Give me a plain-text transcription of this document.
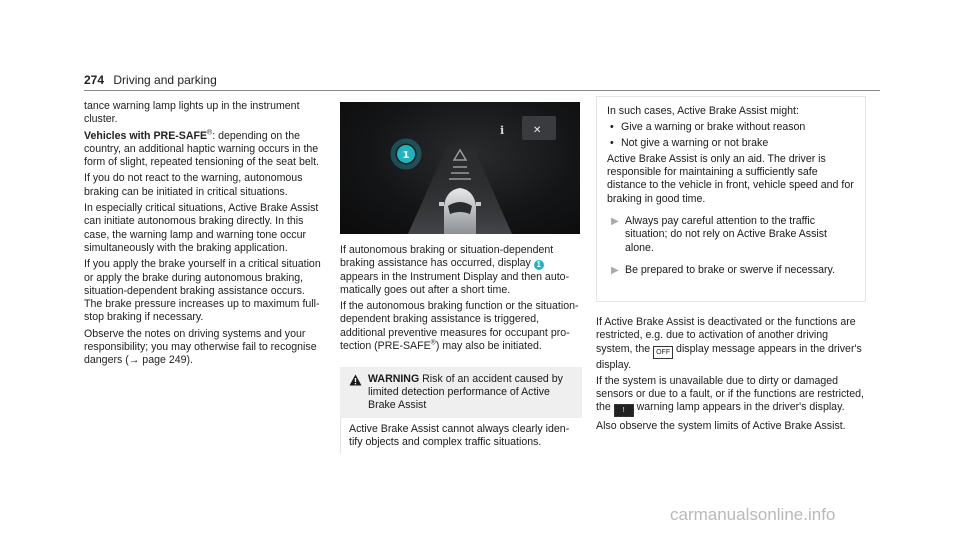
274 Driving and parking

tance warning lamp lights up in the instrument cluster.

Vehicles with PRE-SAFE®: depending on the country, an additional haptic warning occurs in the form of slight, repeated tensioning of the seat belt.

If you do not react to the warning, autonomous braking can be initiated in critical situations.

In especially critical situations, Active Brake Assist can initiate autonomous braking directly. In this case, the warning lamp and warning tone occur simultaneously with the braking application.

If you apply the brake yourself in a critical situation or apply the brake during autonomous braking, situation-dependent braking assistance occurs. The brake pressure increases up to maximum full-stop braking if necessary.

Observe the notes on driving systems and your responsibility; you may otherwise fail to recognise dangers (→ page 249).

i	✕
1

If autonomous braking or situation-dependent braking assistance has occurred, display 1 appears in the Instrument Display and then automatically goes out after a short time.

If the autonomous braking function or the situation-dependent braking assistance is triggered, additional preventive measures for occupant protection (PRE-SAFE®) may also be initiated.

WARNING Risk of an accident caused by limited detection performance of Active Brake Assist
Active Brake Assist cannot always clearly identify objects and complex traffic situations.

In such cases, Active Brake Assist might:

• Give a warning or brake without reason
• Not give a warning or not brake

Active Brake Assist is only an aid. The driver is responsible for maintaining a sufficiently safe distance to the vehicle in front, vehicle speed and for braking in good time.

▶ Always pay careful attention to the traffic situation; do not rely on Active Brake Assist alone.
▶ Be prepared to brake or swerve if necessary.

If Active Brake Assist is deactivated or the functions are restricted, e.g. due to activation of another driving system, the OFF display message appears in the driver's display.

If the system is unavailable due to dirty or damaged sensors or due to a fault, or if the functions are restricted, the ! warning lamp appears in the driver's display.

Also observe the system limits of Active Brake Assist.

carmanualsonline.info
